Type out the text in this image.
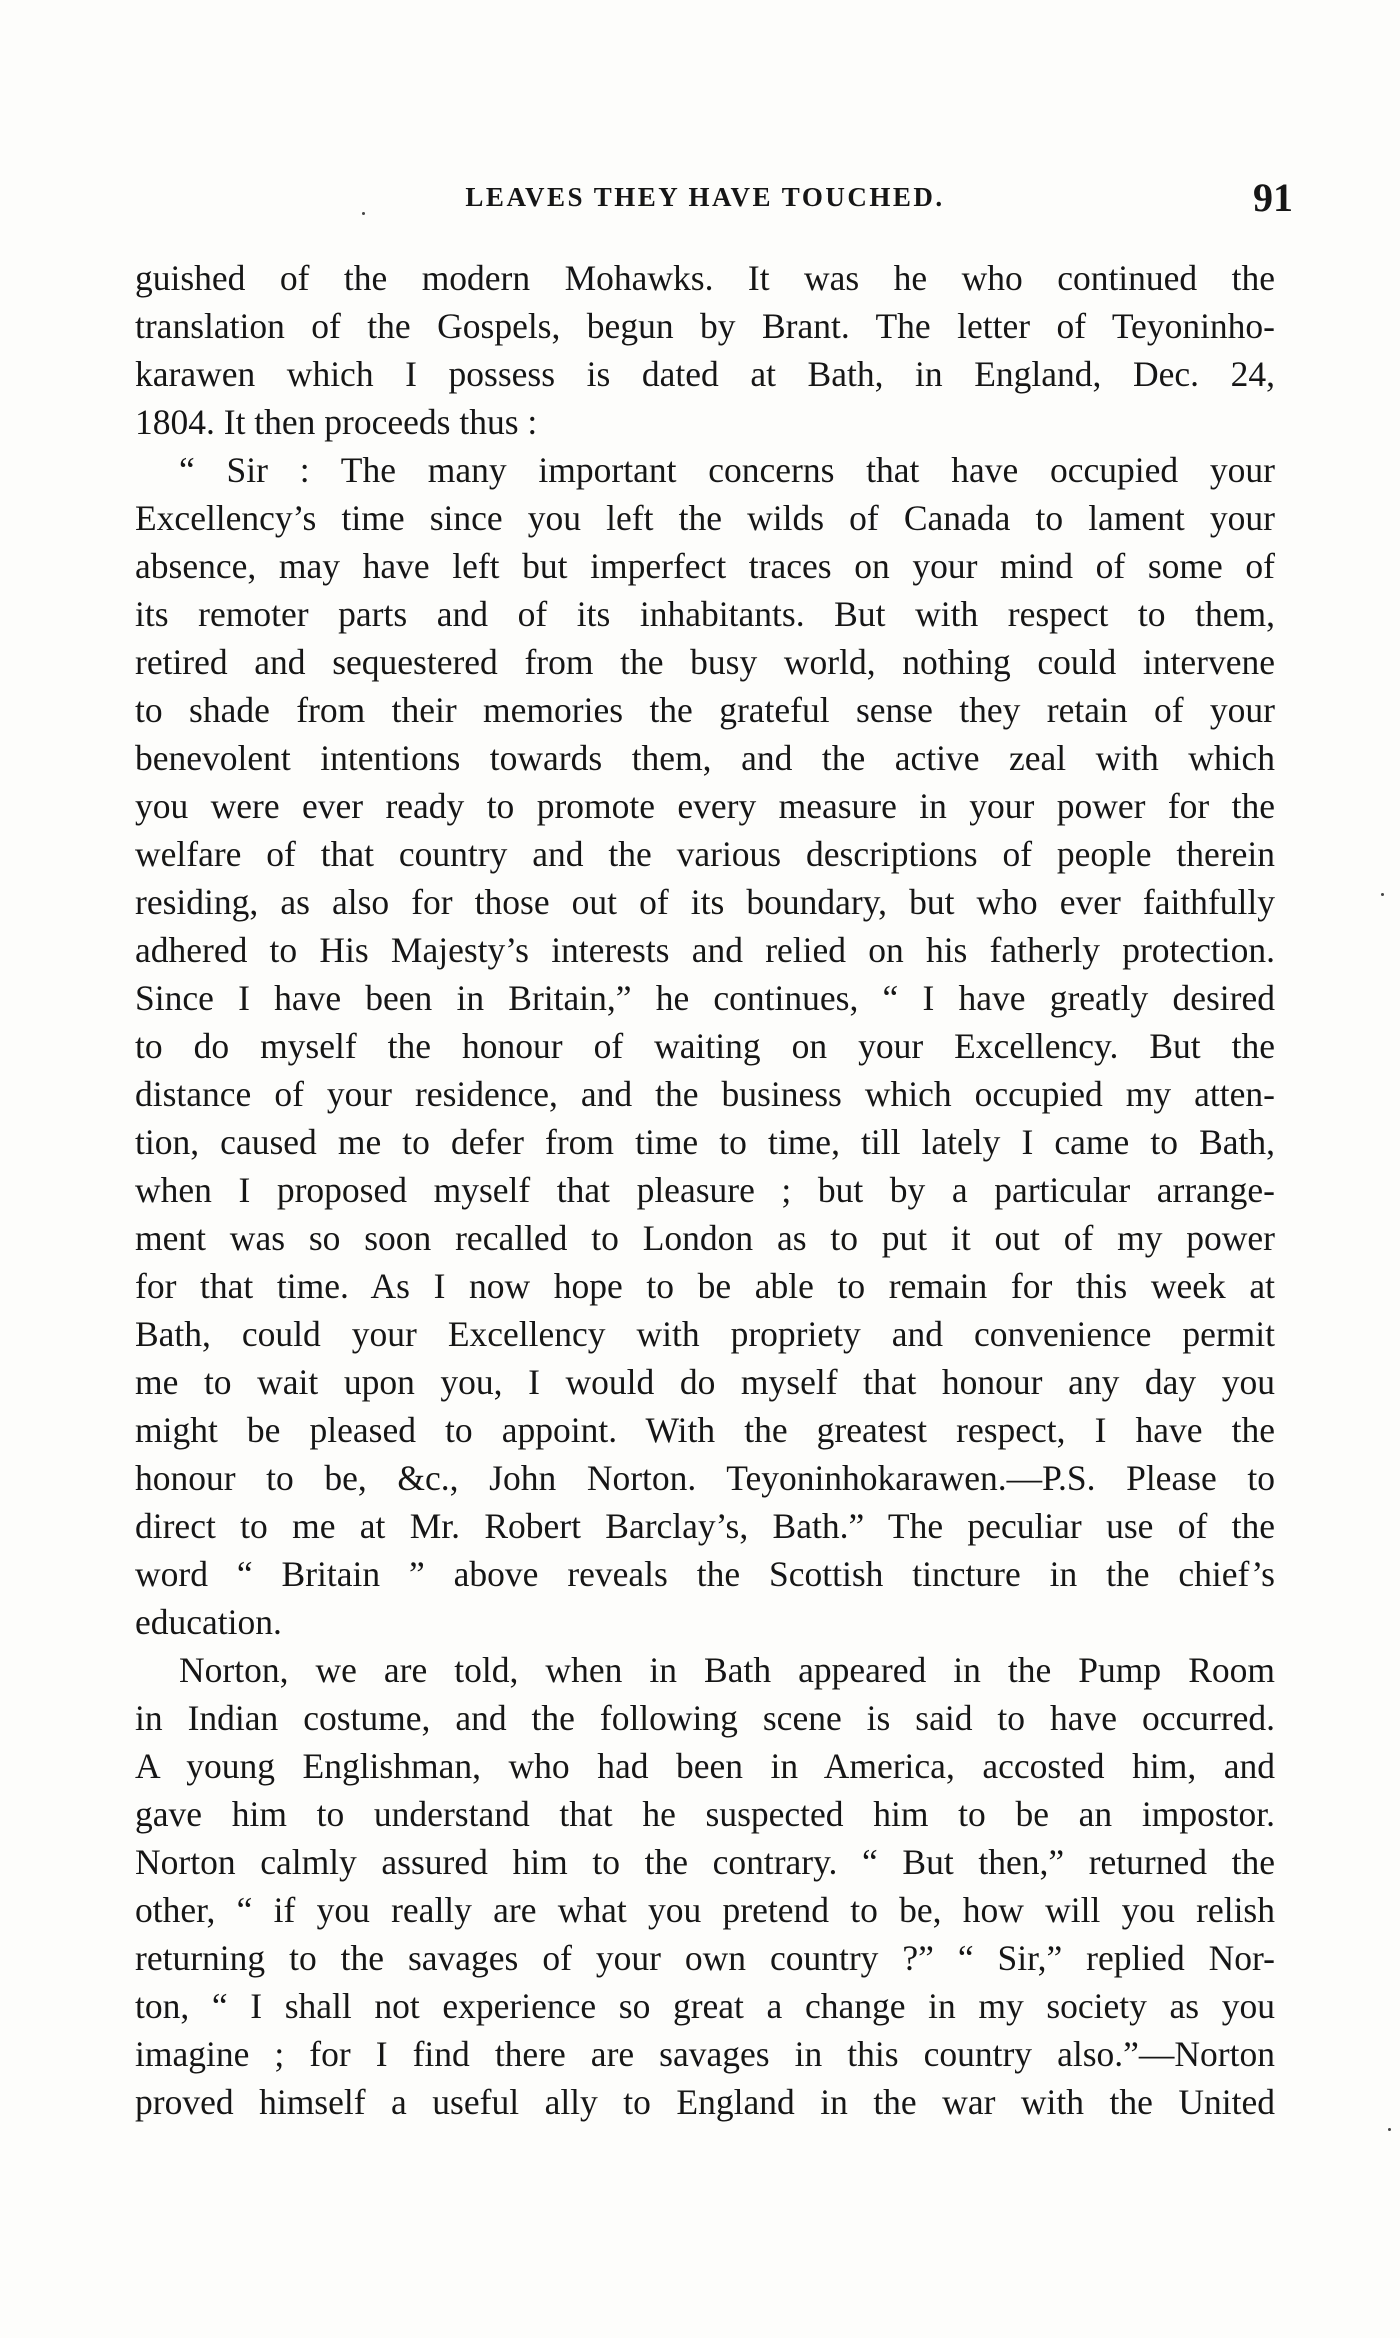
LEAVES THEY HAVE TOUCHED.	91
guished of the modern Mohawks. It was he who continued the
translation of the Gospels, begun by Brant. The letter of Teyoninho-
karawen which I possess is dated at Bath, in England, Dec. 24,
1804. It then proceeds thus :
“ Sir : The many important concerns that have occupied your
Excellency’s time since you left the wilds of Canada to lament your
absence, may have left but imperfect traces on your mind of some of
its remoter parts and of its inhabitants. But with respect to them,
retired and sequestered from the busy world, nothing could intervene
to shade from their memories the grateful sense they retain of your
benevolent intentions towards them, and the active zeal with which
you were ever ready to promote every measure in your power for the
welfare of that country and the various descriptions of people therein
residing, as also for those out of its boundary, but who ever faithfully
adhered to His Majesty’s interests and relied on his fatherly protection.
Since I have been in Britain,” he continues, “ I have greatly desired
to do myself the honour of waiting on your Excellency. But the
distance of your residence, and the business which occupied my atten-
tion, caused me to defer from time to time, till lately I came to Bath,
when I proposed myself that pleasure ; but by a particular arrange-
ment was so soon recalled to London as to put it out of my power
for that time. As I now hope to be able to remain for this week at
Bath, could your Excellency with propriety and convenience permit
me to wait upon you, I would do myself that honour any day you
might be pleased to appoint. With the greatest respect, I have the
honour to be, &c., John Norton. Teyoninhokarawen.—P.S. Please to
direct to me at Mr. Robert Barclay’s, Bath.” The peculiar use of the
word “ Britain ” above reveals the Scottish tincture in the chief’s
education.
Norton, we are told, when in Bath appeared in the Pump Room
in Indian costume, and the following scene is said to have occurred.
A young Englishman, who had been in America, accosted him, and
gave him to understand that he suspected him to be an impostor.
Norton calmly assured him to the contrary. “ But then,” returned the
other, “ if you really are what you pretend to be, how will you relish
returning to the savages of your own country ?” “ Sir,” replied Nor-
ton, “ I shall not experience so great a change in my society as you
imagine ; for I find there are savages in this country also.”—Norton
proved himself a useful ally to England in the war with the United
